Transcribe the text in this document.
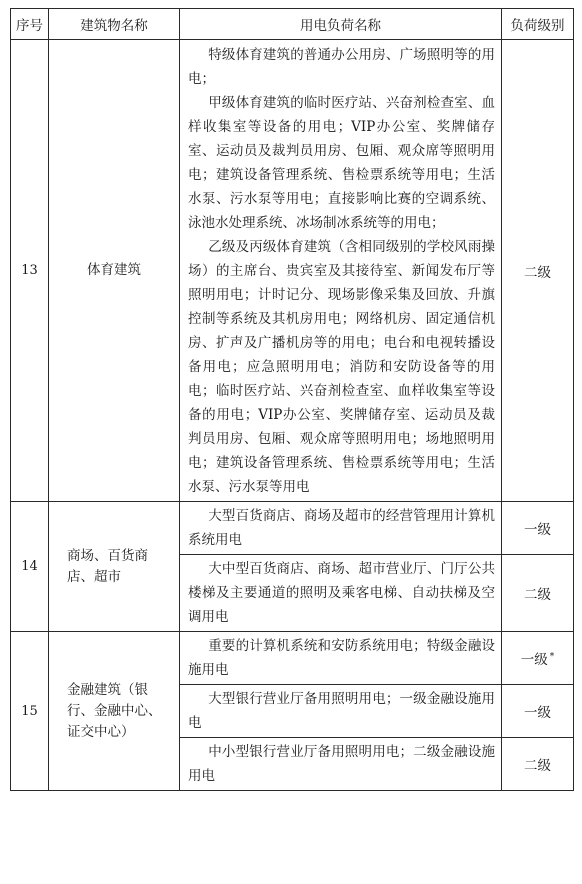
序号	建筑物名称	用电负荷名称	负荷级别
13	体育建筑	特级体育建筑的普通办公用房、广场照明等的用电；

甲级体育建筑的临时医疗站、兴奋剂检查室、血样收集室等设备的用电；VIP办公室、奖牌储存室、运动员及裁判员用房、包厢、观众席等照明用电；建筑设备管理系统、售检票系统等用电；生活水泵、污水泵等用电；直接影响比赛的空调系统、泳池水处理系统、冰场制冰系统等的用电；

乙级及丙级体育建筑（含相同级别的学校风雨操场）的主席台、贵宾室及其接待室、新闻发布厅等照明用电；计时记分、现场影像采集及回放、升旗控制等系统及其机房用电；网络机房、固定通信机房、扩声及广播机房等的用电；电台和电视转播设备用电；应急照明用电；消防和安防设备等的用电；临时医疗站、兴奋剂检查室、血样收集室等设备的用电；VIP办公室、奖牌储存室、运动员及裁判员用房、包厢、观众席等照明用电；场地照明用电；建筑设备管理系统、售检票系统等用电；生活水泵、污水泵等用电	二级
14	商场、百货商店、超市	大型百货商店、商场及超市的经营管理用计算机系统用电	一级

		大中型百货商店、商场、超市营业厅、门厅公共楼梯及主要通道的照明及乘客电梯、自动扶梯及空调用电	二级
15	金融建筑（银行、金融中心、证交中心）	重要的计算机系统和安防系统用电；特级金融设施用电	一级 *

		大型银行营业厅备用照明用电；一级金融设施用电	一级

		中小型银行营业厅备用照明用电；二级金融设施用电	二级
